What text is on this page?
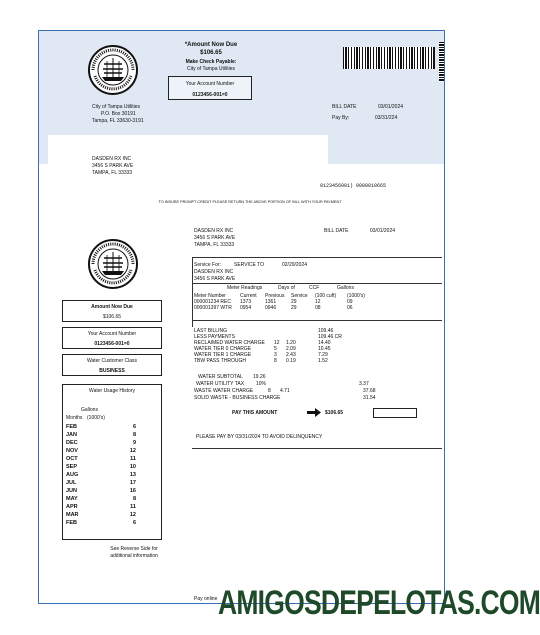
*Amount Now Due
$106.65
Make Check Payable:
City of Tampa Utilities
Your Account Number
0123456-001=0
City of Tampa Utilities
P.O. Box 30191
Tampa, FL 33630-3191
BILL DATE	03/01/2024
Pay By:	03/31/224
DASDEN RX INC
3456 S PARK AVE
TAMPA, FL 33333
0123456001) 0000010665
TO INSURE PROMPT CREDIT PLEASE RETURN THE ABOVE PORTION OF BILL WITH YOUR PAYMENT
Amount Now Due
$106.65
Your Account Number
0123456-001=0
Water Customer Class
BUSINESS
Water Usage History
Gallons
Months (1000's)
FEB	6
JAN	8
DEC	9
NOV	12
OCT	11
SEP	10
AUG	13
JUL	17
JUN	16
MAY	8
APR	11
MAR	12
FEB	6
See Reverse Side for
additional information
DASDEN RX INC
3456 S PARK AVE
TAMPA, FL 33333
BILL DATE	03/01/2024
Service For:	SERVICE TO	02/29/2024
DASDEN RX INC
3456 S PARK AVE
Meter Readings	Days of	CCF	Gallons
Meter Number	Current	Previous	Service	(100 cuft)	(1000's)
000001234 REC	1373	1361	29	12	09
000001397 WTR	0954	0946	29	08	06
LAST BILLING	109.46
LESS PAYMENTS	109.46 CR
RECLAIMED WATER CHARGE	12	1.20	14.40
WATER TIER 0 CHARGE	5	2.09	10.45
WATER TIER 1 CHARGE	3	2.43	7.29
TBW PASS THROUGH	8	0.19	1.52
WATER SUBTOTAL 19.26
WATER UTILITY TAX 10%	3.37
WASTE WATER CHARGE	8 4.71	37.68
SOLID WASTE - BUSINESS CHARGE	31.54
PAY THIS AMOUNT	$106.65
PLEASE PAY BY 03/31/2024 TO AVOID DELINQUENCY
Pay online AMIGOSDEPELOTAS.COM
